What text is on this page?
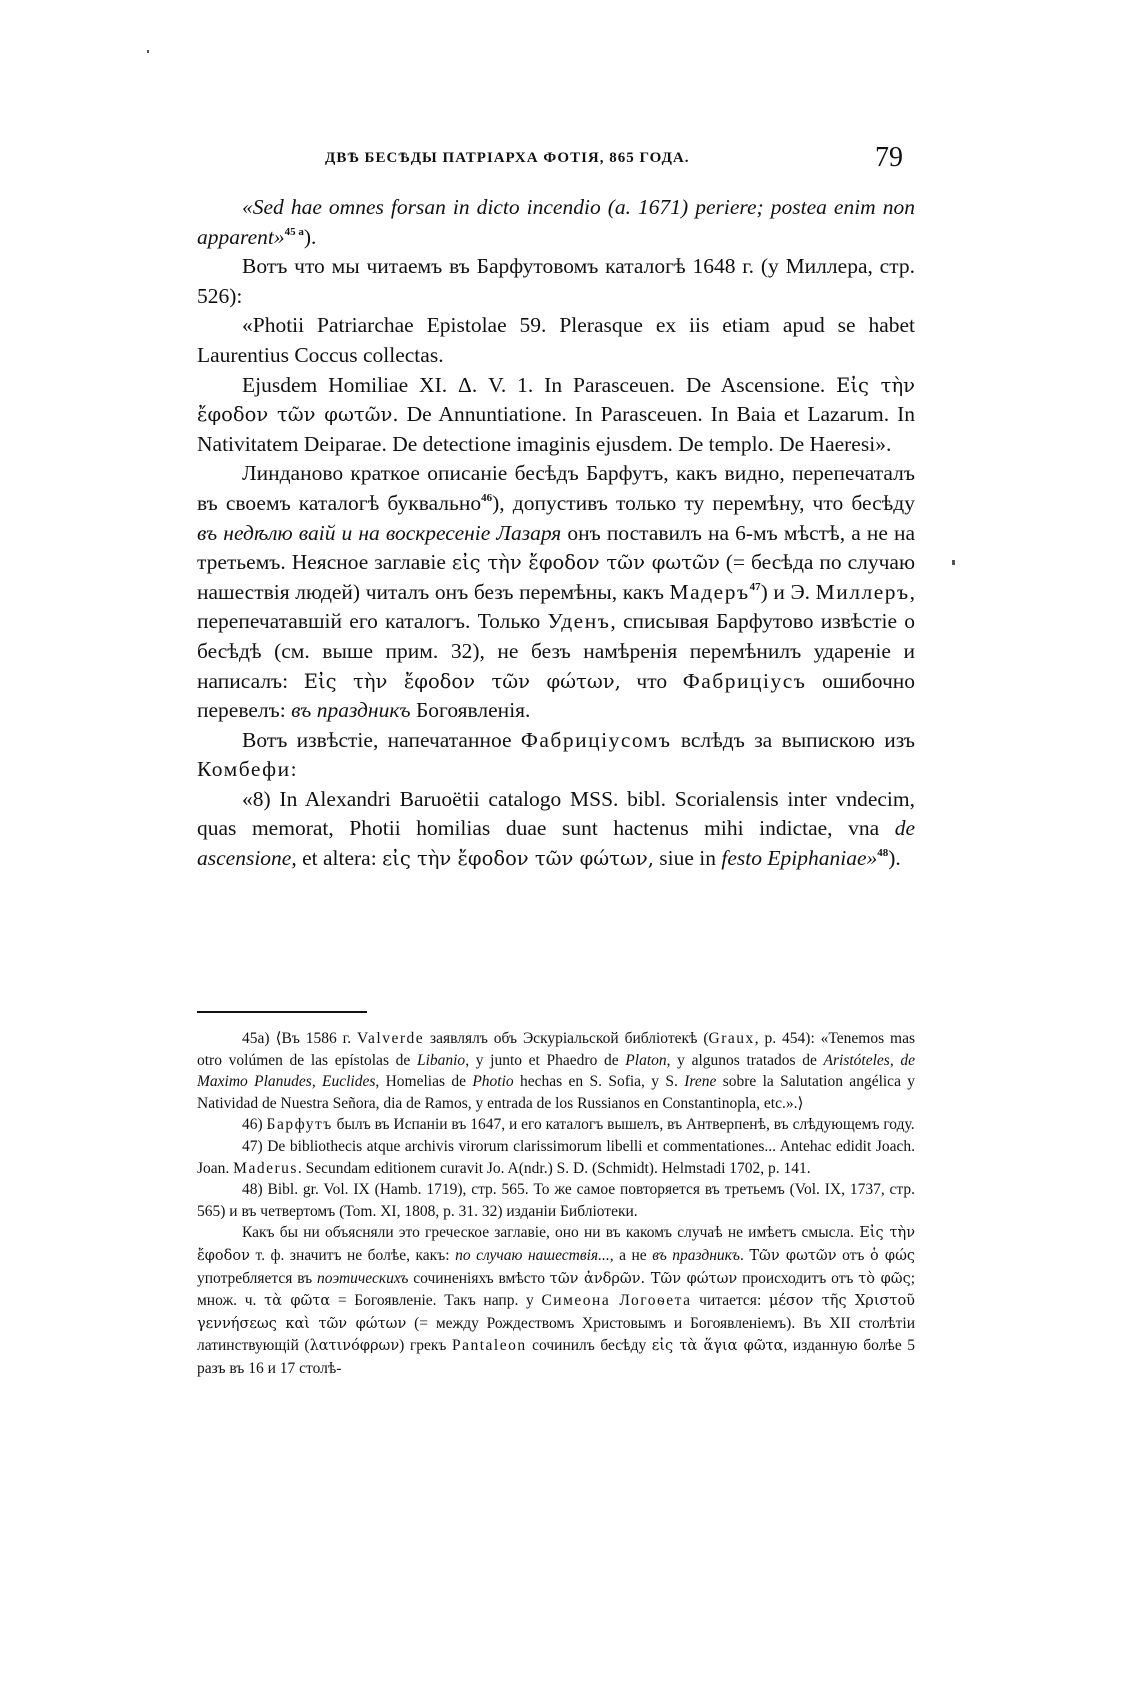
ДВѢ БЕСѢДЫ ПАТРІАРХА ФОТІЯ, 865 ГОДА.	79

«Sed hae omnes forsan in dicto incendio (a. 1671) periere; postea enim non apparent»$^{45 a}$).

Вотъ что мы читаемъ въ Барфутовомъ каталогѣ 1648 г. (у Миллера, стр. 526):

«Photii Patriarchae Epistolae 59. Plerasque ex iis etiam apud se habet Laurentius Coccus collectas.

Ejusdem Homiliae XI. Δ. V. 1. In Parasceuen. De Ascensione. Εἰς τὴν ἔφοδον τῶν φωτῶν. De Annuntiatione. In Parasceuen. In Baia et Lazarum. In Nativitatem Deiparae. De detectione imaginis ejusdem. De templo. De Haeresi».

Линданово краткое описаніе бесѣдъ Барфутъ, какъ видно, перепечаталъ въ своемъ каталогѣ буквально$^{46}$), допустивъ только ту перемѣну, что бесѣду въ недѣлю ваій и на воскресеніе Лазаря онъ поставилъ на 6-мъ мѣстѣ, а не на третьемъ. Неясное заглавіе εἰς τὴν ἔφοδον τῶν φωτῶν (= бесѣда по случаю нашествія людей) читалъ онъ безъ перемѣны, какъ Мадеръ$^{47}$) и Э. Миллеръ, перепечатавшій его каталогъ. Только Уденъ, списывая Барфутово извѣстіе о бесѣдѣ (см. выше прим. 32), не безъ намѣренія перемѣнилъ удареніе и написалъ: Εἰς τὴν ἔφοδον τῶν φώτων, что Фабриціусъ ошибочно перевелъ: въ праздникъ Богоявленія.

Вотъ извѣстіе, напечатанное Фабриціусомъ вслѣдъ за выпискою изъ Комбефи:

«8) In Alexandri Baruoëtii catalogo MSS. bibl. Scorialensis inter vndecim, quas memorat, Photii homilias duae sunt hactenus mihi indictae, vna de ascensione, et altera: εἰς τὴν ἔφοδον τῶν φώτων, siue in festo Epiphaniae»$^{48}$).

45a) ⟨Въ 1586 г. Valverde заявлялъ объ Эскуріальской библіотекѣ (Graux, p. 454): «Tenemos mas otro volúmen de las epístolas de Libanio, y junto et Phaedro de Platon, y algunos tratados de Aristóteles, de Maximo Planudes, Euclides, Homelias de Photio hechas en S. Sofia, y S. Irene sobre la Salutation angélica y Natividad de Nuestra Señora, dia de Ramos, y entrada de los Russianos en Constantinopla, etc.».⟩

46) Барфутъ былъ въ Испаніи въ 1647, и его каталогъ вышелъ, въ Антверпенѣ, въ слѣдующемъ году.

47) De bibliothecis atque archivis virorum clarissimorum libelli et commentationes... Antehac edidit Joach. Joan. Maderus. Secundam editionem curavit Jo. A(ndr.) S. D. (Schmidt). Helmstadi 1702, p. 141.

48) Bibl. gr. Vol. IX (Hamb. 1719), стр. 565. То же самое повторяется въ третьемъ (Vol. IX, 1737, стр. 565) и въ четвертомъ (Tom. XI, 1808, p. 31. 32) изданіи Библіотеки.

Какъ бы ни объясняли это греческое заглавіе, оно ни въ какомъ случаѣ не имѣетъ смысла. Εἰς τὴν ἔφοδον т. ф. значитъ не болѣе, какъ: по случаю нашествія..., а не въ праздникъ. Τῶν φωτῶν отъ ὁ φώς употребляется въ поэтическихъ сочиненіяхъ вмѣсто τῶν ἀνδρῶν. Τῶν φώτων происходитъ отъ τὸ φῶς; множ. ч. τὰ φῶτα = Богоявленіе. Такъ напр. у Симеона Логоѳета читается: μέσον τῆς Χριστοῦ γεννήσεως καὶ τῶν φώτων (= между Рождествомъ Христовымъ и Богоявленіемъ). Въ XII столѣтіи латинствующій (λατινόφρων) грекъ Pantaleon сочинилъ бесѣду εἰς τὰ ἅγια φῶτα, изданную болѣе 5 разъ въ 16 и 17 столѣ-
